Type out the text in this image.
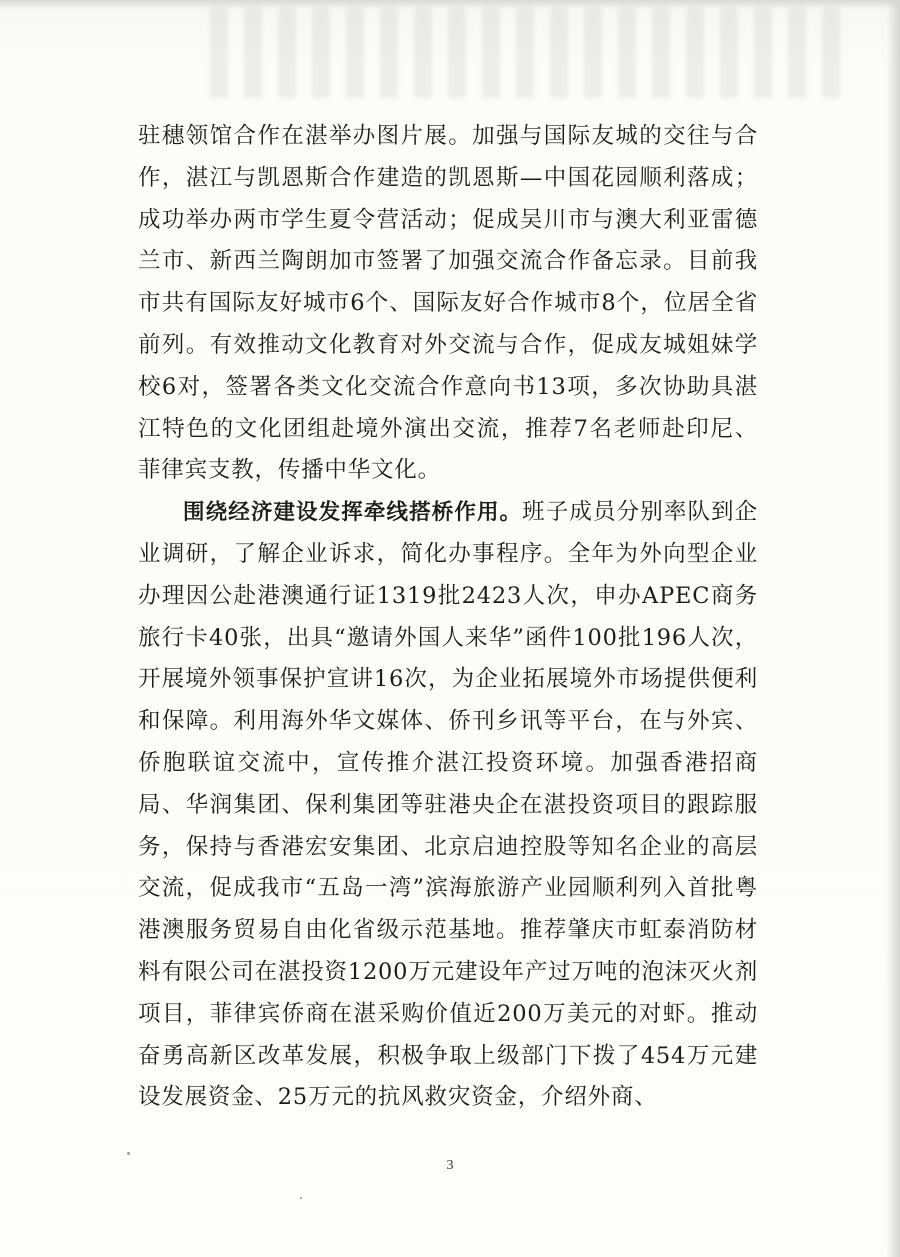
驻穗领馆合作在湛举办图片展。加强与国际友城的交往与合作，湛江与凯恩斯合作建造的凯恩斯—中国花园顺利落成；成功举办两市学生夏令营活动；促成吴川市与澳大利亚雷德兰市、新西兰陶朗加市签署了加强交流合作备忘录。目前我市共有国际友好城市6个、国际友好合作城市8个，位居全省前列。有效推动文化教育对外交流与合作，促成友城姐妹学校6对，签署各类文化交流合作意向书13项，多次协助具湛江特色的文化团组赴境外演出交流，推荐7名老师赴印尼、菲律宾支教，传播中华文化。

围绕经济建设发挥牵线搭桥作用。班子成员分别率队到企业调研，了解企业诉求，简化办事程序。全年为外向型企业办理因公赴港澳通行证1319批2423人次，申办APEC商务旅行卡40张，出具“邀请外国人来华”函件100批196人次，开展境外领事保护宣讲16次，为企业拓展境外市场提供便利和保障。利用海外华文媒体、侨刊乡讯等平台，在与外宾、侨胞联谊交流中，宣传推介湛江投资环境。加强香港招商局、华润集团、保利集团等驻港央企在湛投资项目的跟踪服务，保持与香港宏安集团、北京启迪控股等知名企业的高层交流，促成我市“五岛一湾”滨海旅游产业园顺利列入首批粤港澳服务贸易自由化省级示范基地。推荐肇庆市虹泰消防材料有限公司在湛投资1200万元建设年产过万吨的泡沫灭火剂项目，菲律宾侨商在湛采购价值近200万美元的对虾。推动奋勇高新区改革发展，积极争取上级部门下拨了454万元建设发展资金、25万元的抗风救灾资金，介绍外商、

3
